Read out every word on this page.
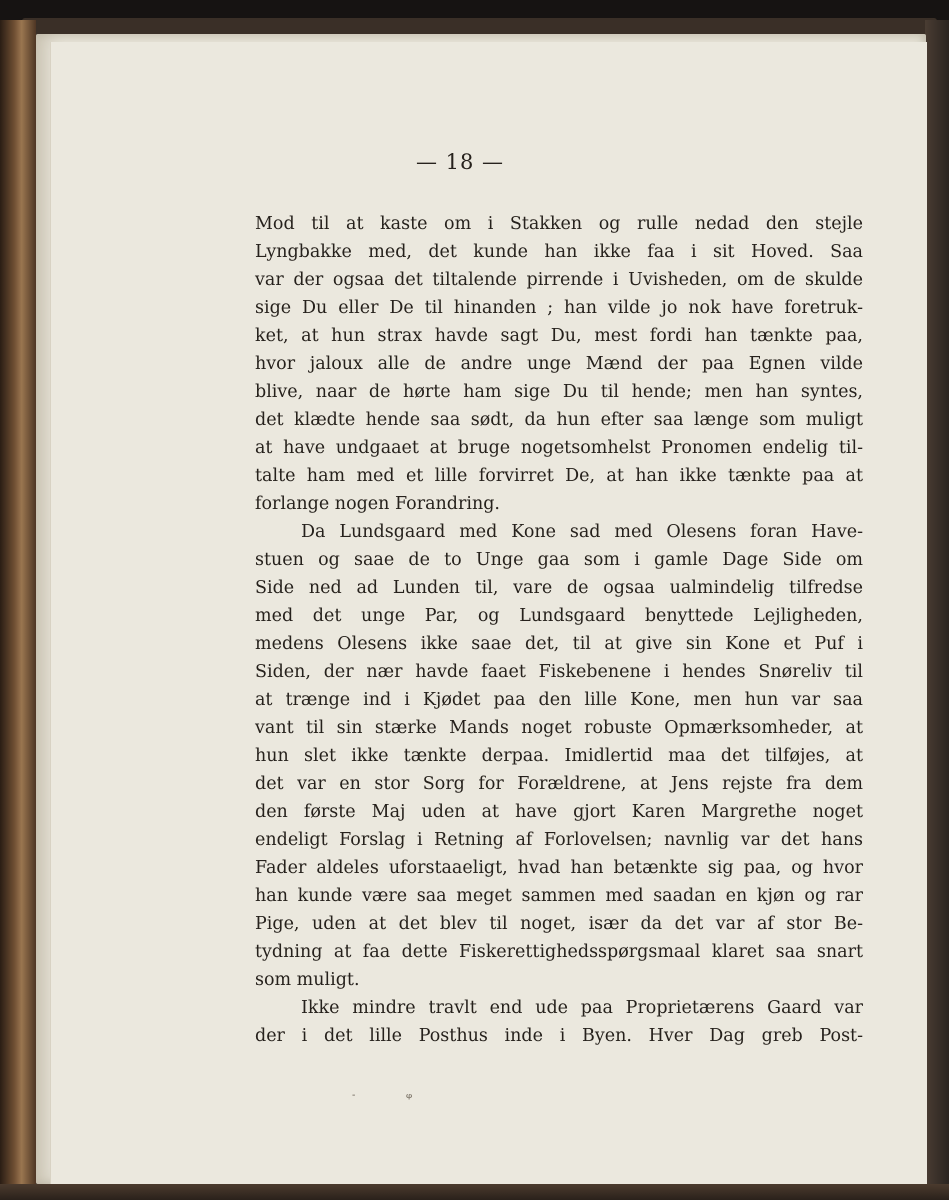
— 18 —
Mod til at kaste om i Stakken og rulle nedad den stejle
Lyngbakke med, det kunde han ikke faa i sit Hoved. Saa
var der ogsaa det tiltalende pirrende i Uvisheden, om de skulde
sige Du eller De til hinanden ; han vilde jo nok have foretruk-
ket, at hun strax havde sagt Du, mest fordi han tænkte paa,
hvor jaloux alle de andre unge Mænd der paa Egnen vilde
blive, naar de hørte ham sige Du til hende; men han syntes,
det klædte hende saa sødt, da hun efter saa længe som muligt
at have undgaaet at bruge nogetsomhelst Pronomen endelig til-
talte ham med et lille forvirret De, at han ikke tænkte paa at
forlange nogen Forandring.
Da Lundsgaard med Kone sad med Olesens foran Have-
stuen og saae de to Unge gaa som i gamle Dage Side om
Side ned ad Lunden til, vare de ogsaa ualmindelig tilfredse
med det unge Par, og Lundsgaard benyttede Lejligheden,
medens Olesens ikke saae det, til at give sin Kone et Puf i
Siden, der nær havde faaet Fiskebenene i hendes Snøreliv til
at trænge ind i Kjødet paa den lille Kone, men hun var saa
vant til sin stærke Mands noget robuste Opmærksomheder, at
hun slet ikke tænkte derpaa. Imidlertid maa det tilføjes, at
det var en stor Sorg for Forældrene, at Jens rejste fra dem
den første Maj uden at have gjort Karen Margrethe noget
endeligt Forslag i Retning af Forlovelsen; navnlig var det hans
Fader aldeles uforstaaeligt, hvad han betænkte sig paa, og hvor
han kunde være saa meget sammen med saadan en kjøn og rar
Pige, uden at det blev til noget, især da det var af stor Be-
tydning at faa dette Fiskerettighedsspørgsmaal klaret saa snart
som muligt.
Ikke mindre travlt end ude paa Proprietærens Gaard var
der i det lille Posthus inde i Byen. Hver Dag greb Post-
ᵩ
-
